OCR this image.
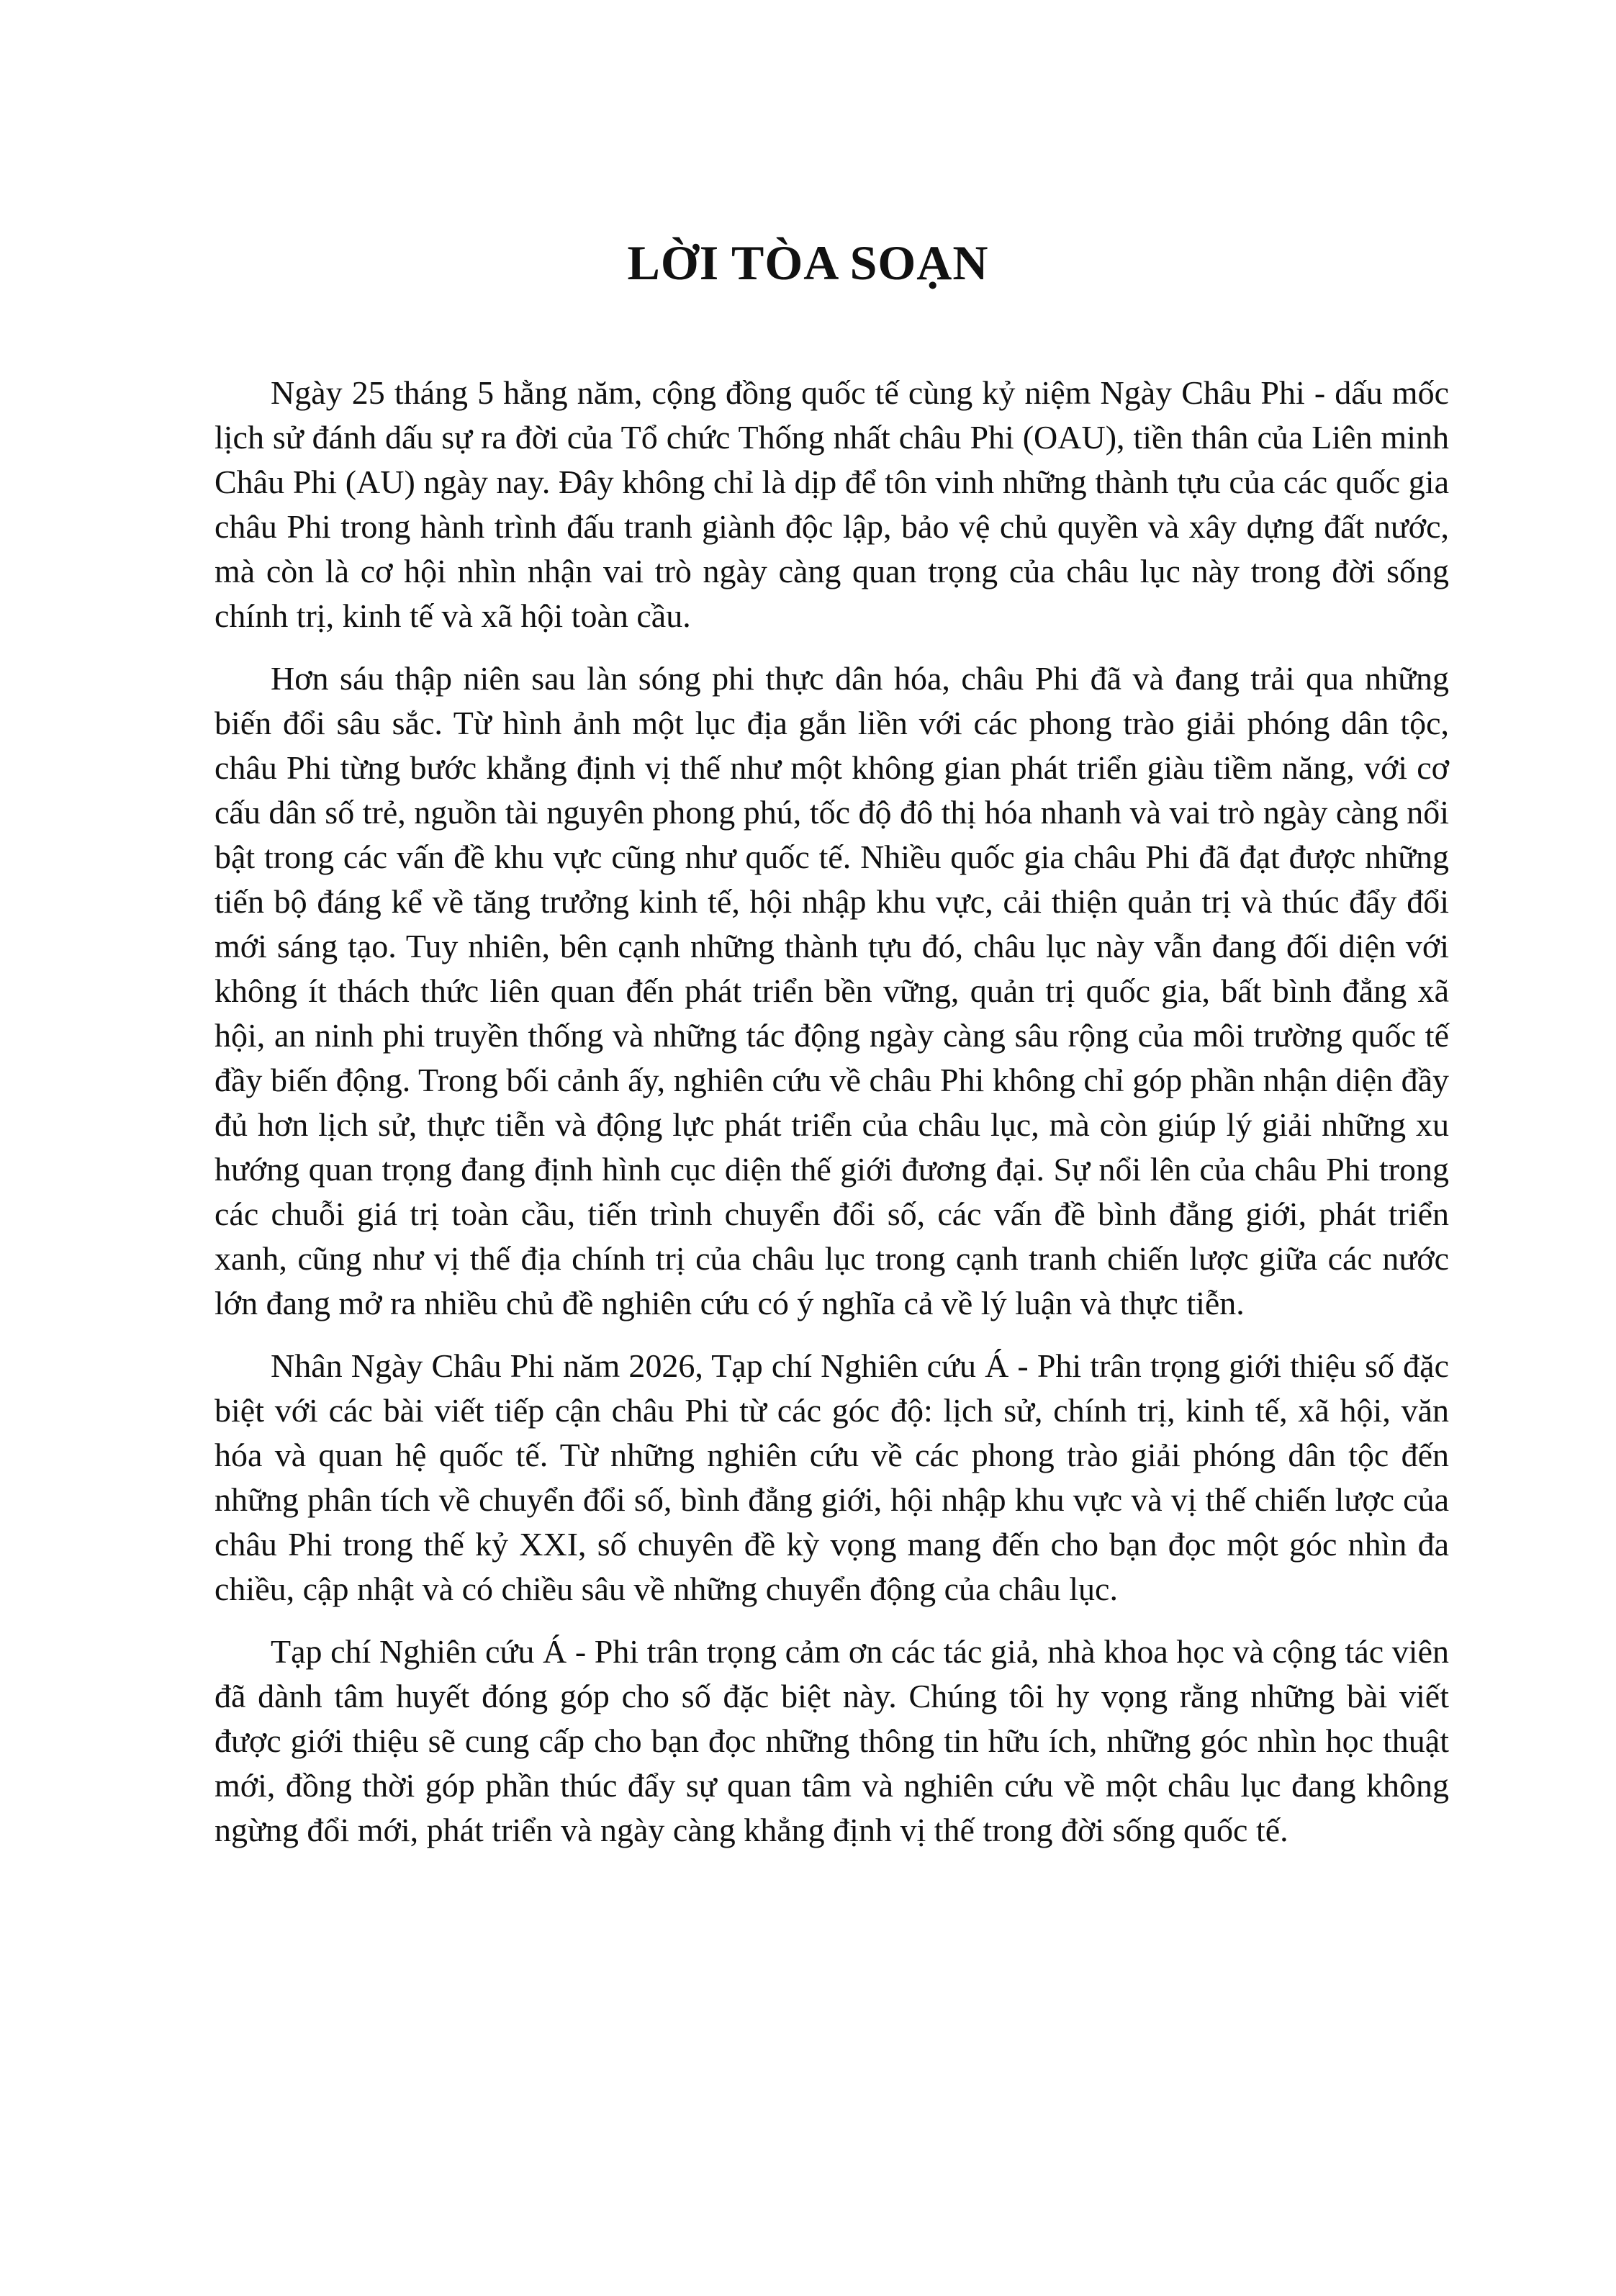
LỜI TÒA SOẠN

Ngày 25 tháng 5 hằng năm, cộng đồng quốc tế cùng kỷ niệm Ngày Châu Phi - dấu mốc lịch sử đánh dấu sự ra đời của Tổ chức Thống nhất châu Phi (OAU), tiền thân của Liên minh Châu Phi (AU) ngày nay. Đây không chỉ là dịp để tôn vinh những thành tựu của các quốc gia châu Phi trong hành trình đấu tranh giành độc lập, bảo vệ chủ quyền và xây dựng đất nước, mà còn là cơ hội nhìn nhận vai trò ngày càng quan trọng của châu lục này trong đời sống chính trị, kinh tế và xã hội toàn cầu.

Hơn sáu thập niên sau làn sóng phi thực dân hóa, châu Phi đã và đang trải qua những biến đổi sâu sắc. Từ hình ảnh một lục địa gắn liền với các phong trào giải phóng dân tộc, châu Phi từng bước khẳng định vị thế như một không gian phát triển giàu tiềm năng, với cơ cấu dân số trẻ, nguồn tài nguyên phong phú, tốc độ đô thị hóa nhanh và vai trò ngày càng nổi bật trong các vấn đề khu vực cũng như quốc tế. Nhiều quốc gia châu Phi đã đạt được những tiến bộ đáng kể về tăng trưởng kinh tế, hội nhập khu vực, cải thiện quản trị và thúc đẩy đổi mới sáng tạo. Tuy nhiên, bên cạnh những thành tựu đó, châu lục này vẫn đang đối diện với không ít thách thức liên quan đến phát triển bền vững, quản trị quốc gia, bất bình đẳng xã hội, an ninh phi truyền thống và những tác động ngày càng sâu rộng của môi trường quốc tế đầy biến động. Trong bối cảnh ấy, nghiên cứu về châu Phi không chỉ góp phần nhận diện đầy đủ hơn lịch sử, thực tiễn và động lực phát triển của châu lục, mà còn giúp lý giải những xu hướng quan trọng đang định hình cục diện thế giới đương đại. Sự nổi lên của châu Phi trong các chuỗi giá trị toàn cầu, tiến trình chuyển đổi số, các vấn đề bình đẳng giới, phát triển xanh, cũng như vị thế địa chính trị của châu lục trong cạnh tranh chiến lược giữa các nước lớn đang mở ra nhiều chủ đề nghiên cứu có ý nghĩa cả về lý luận và thực tiễn.

Nhân Ngày Châu Phi năm 2026, Tạp chí Nghiên cứu Á - Phi trân trọng giới thiệu số đặc biệt với các bài viết tiếp cận châu Phi từ các góc độ: lịch sử, chính trị, kinh tế, xã hội, văn hóa và quan hệ quốc tế. Từ những nghiên cứu về các phong trào giải phóng dân tộc đến những phân tích về chuyển đổi số, bình đẳng giới, hội nhập khu vực và vị thế chiến lược của châu Phi trong thế kỷ XXI, số chuyên đề kỳ vọng mang đến cho bạn đọc một góc nhìn đa chiều, cập nhật và có chiều sâu về những chuyển động của châu lục.

Tạp chí Nghiên cứu Á - Phi trân trọng cảm ơn các tác giả, nhà khoa học và cộng tác viên đã dành tâm huyết đóng góp cho số đặc biệt này. Chúng tôi hy vọng rằng những bài viết được giới thiệu sẽ cung cấp cho bạn đọc những thông tin hữu ích, những góc nhìn học thuật mới, đồng thời góp phần thúc đẩy sự quan tâm và nghiên cứu về một châu lục đang không ngừng đổi mới, phát triển và ngày càng khẳng định vị thế trong đời sống quốc tế.
